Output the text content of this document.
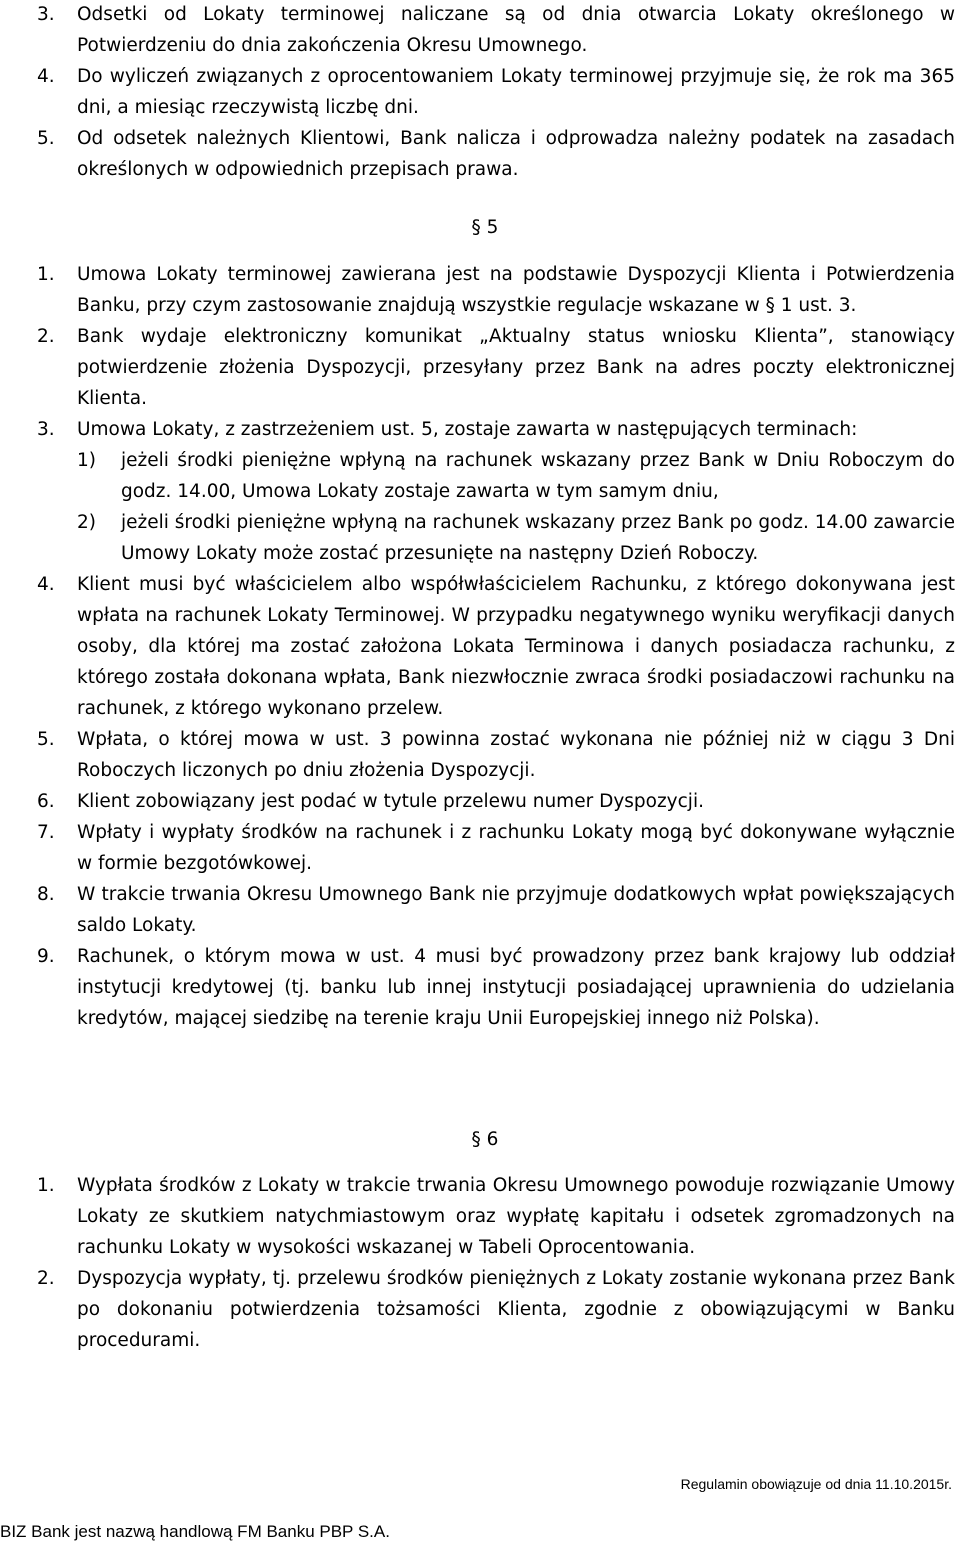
3. Odsetki od Lokaty terminowej naliczane są od dnia otwarcia Lokaty określonego w Potwierdzeniu do dnia zakończenia Okresu Umownego.
4. Do wyliczeń związanych z oprocentowaniem Lokaty terminowej przyjmuje się, że rok ma 365 dni, a miesiąc rzeczywistą liczbę dni.
5. Od odsetek należnych Klientowi, Bank nalicza i odprowadza należny podatek na zasadach określonych w odpowiednich przepisach prawa.
§ 5
1. Umowa Lokaty terminowej zawierana jest na podstawie Dyspozycji Klienta i Potwierdzenia Banku, przy czym zastosowanie znajdują wszystkie regulacje wskazane w § 1 ust. 3.
2. Bank wydaje elektroniczny komunikat „Aktualny status wniosku Klienta”, stanowiący potwierdzenie złożenia Dyspozycji, przesyłany przez Bank na adres poczty elektronicznej Klienta.
3. Umowa Lokaty, z zastrzeżeniem ust. 5, zostaje zawarta w następujących terminach:
1) jeżeli środki pieniężne wpłyną na rachunek wskazany przez Bank w Dniu Roboczym do godz. 14.00, Umowa Lokaty zostaje zawarta w tym samym dniu,
2) jeżeli środki pieniężne wpłyną na rachunek wskazany przez Bank po godz. 14.00 zawarcie Umowy Lokaty może zostać przesunięte na następny Dzień Roboczy.
4. Klient musi być właścicielem albo współwłaścicielem Rachunku, z którego dokonywana jest wpłata na rachunek Lokaty Terminowej. W przypadku negatywnego wyniku weryfikacji danych osoby, dla której ma zostać założona Lokata Terminowa i danych posiadacza rachunku, z którego została dokonana wpłata, Bank niezwłocznie zwraca środki posiadaczowi rachunku na rachunek, z którego wykonano przelew.
5. Wpłata, o której mowa w ust. 3 powinna zostać wykonana nie później niż w ciągu 3 Dni Roboczych liczonych po dniu złożenia Dyspozycji.
6. Klient zobowiązany jest podać w tytule przelewu numer Dyspozycji.
7. Wpłaty i wypłaty środków na rachunek i z rachunku Lokaty mogą być dokonywane wyłącznie w formie bezgotówkowej.
8. W trakcie trwania Okresu Umownego Bank nie przyjmuje dodatkowych wpłat powiększających saldo Lokaty.
9. Rachunek, o którym mowa w ust. 4 musi być prowadzony przez bank krajowy lub oddział instytucji kredytowej (tj. banku lub innej instytucji posiadającej uprawnienia do udzielania kredytów, mającej siedzibę na terenie kraju Unii Europejskiej innego niż Polska).
§ 6
1. Wypłata środków z Lokaty w trakcie trwania Okresu Umownego powoduje rozwiązanie Umowy Lokaty ze skutkiem natychmiastowym oraz wypłatę kapitału i odsetek zgromadzonych na rachunku Lokaty w wysokości wskazanej w Tabeli Oprocentowania.
2. Dyspozycja wypłaty, tj. przelewu środków pieniężnych z Lokaty zostanie wykonana przez Bank po dokonaniu potwierdzenia tożsamości Klienta, zgodnie z obowiązującymi w Banku procedurami.
Regulamin obowiązuje od dnia 11.10.2015r.
BIZ Bank jest nazwą handlową FM Banku PBP S.A.
